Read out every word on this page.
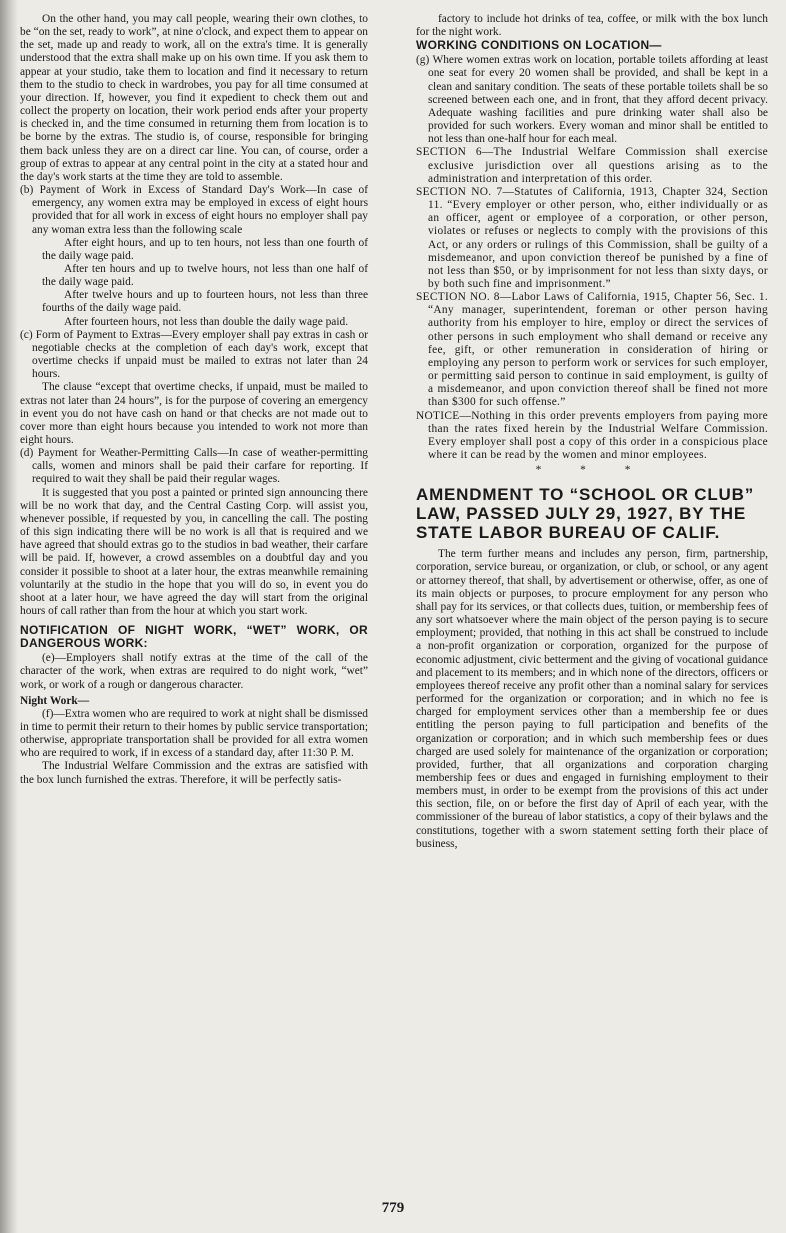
On the other hand, you may call people, wearing their own clothes, to be “on the set, ready to work”, at nine o'clock, and expect them to appear on the set, made up and ready to work, all on the extra's time. It is generally understood that the extra shall make up on his own time. If you ask them to appear at your studio, take them to location and find it necessary to return them to the studio to check in wardrobes, you pay for all time consumed at your direction. If, however, you find it expedient to check them out and collect the property on location, their work period ends after your property is checked in, and the time consumed in returning them from location is to be borne by the extras. The studio is, of course, responsible for bringing them back unless they are on a direct car line. You can, of course, order a group of extras to appear at any central point in the city at a stated hour and the day's work starts at the time they are told to assemble.

(b) Payment of Work in Excess of Standard Day's Work—In case of emergency, any women extra may be employed in excess of eight hours provided that for all work in excess of eight hours no employer shall pay any woman extra less than the following scale

After eight hours, and up to ten hours, not less than one fourth of the daily wage paid.

After ten hours and up to twelve hours, not less than one half of the daily wage paid.

After twelve hours and up to fourteen hours, not less than three fourths of the daily wage paid.

After fourteen hours, not less than double the daily wage paid.

(c) Form of Payment to Extras—Every employer shall pay extras in cash or negotiable checks at the completion of each day's work, except that overtime checks if unpaid must be mailed to extras not later than 24 hours.

The clause “except that overtime checks, if unpaid, must be mailed to extras not later than 24 hours”, is for the purpose of covering an emergency in event you do not have cash on hand or that checks are not made out to cover more than eight hours because you intended to work not more than eight hours.

(d) Payment for Weather-Permitting Calls—In case of weather-permitting calls, women and minors shall be paid their carfare for reporting. If required to wait they shall be paid their regular wages.

It is suggested that you post a painted or printed sign announcing there will be no work that day, and the Central Casting Corp. will assist you, whenever possible, if requested by you, in cancelling the call. The posting of this sign indicating there will be no work is all that is required and we have agreed that should extras go to the studios in bad weather, their carfare will be paid. If, however, a crowd assembles on a doubtful day and you consider it possible to shoot at a later hour, the extras meanwhile remaining voluntarily at the studio in the hope that you will do so, in event you do shoot at a later hour, we have agreed the day will start from the original hours of call rather than from the hour at which you start work.

NOTIFICATION OF NIGHT WORK, “WET” WORK, OR DANGEROUS WORK:

(e)—Employers shall notify extras at the time of the call of the character of the work, when extras are required to do night work, “wet” work, or work of a rough or dangerous character.

Night Work—

(f)—Extra women who are required to work at night shall be dismissed in time to permit their return to their homes by public service transportation; otherwise, appropriate transportation shall be provided for all extra women who are required to work, if in excess of a standard day, after 11:30 P. M.

The Industrial Welfare Commission and the extras are satisfied with the box lunch furnished the extras. Therefore, it will be perfectly satis-

factory to include hot drinks of tea, coffee, or milk with the box lunch for the night work.

WORKING CONDITIONS ON LOCATION—

(g) Where women extras work on location, portable toilets affording at least one seat for every 20 women shall be provided, and shall be kept in a clean and sanitary condition. The seats of these portable toilets shall be so screened between each one, and in front, that they afford decent privacy. Adequate washing facilities and pure drinking water shall also be provided for such workers. Every woman and minor shall be entitled to not less than one-half hour for each meal.

SECTION 6—The Industrial Welfare Commission shall exercise exclusive jurisdiction over all questions arising as to the administration and interpretation of this order.

SECTION NO. 7—Statutes of California, 1913, Chapter 324, Section 11. “Every employer or other person, who, either individually or as an officer, agent or employee of a corporation, or other person, violates or refuses or neglects to comply with the provisions of this Act, or any orders or rulings of this Commission, shall be guilty of a misdemeanor, and upon conviction thereof be punished by a fine of not less than $50, or by imprisonment for not less than sixty days, or by both such fine and imprisonment.”

SECTION NO. 8—Labor Laws of California, 1915, Chapter 56, Sec. 1. “Any manager, superintendent, foreman or other person having authority from his employer to hire, employ or direct the services of other persons in such employment who shall demand or receive any fee, gift, or other remuneration in consideration of hiring or employing any person to perform work or services for such employer, or permitting said person to continue in said employment, is guilty of a misdemeanor, and upon conviction thereof shall be fined not more than $300 for such offense.”

NOTICE—Nothing in this order prevents employers from paying more than the rates fixed herein by the Industrial Welfare Commission. Every employer shall post a copy of this order in a conspicious place where it can be read by the women and minor employees.

* * *

AMENDMENT TO “SCHOOL OR CLUB” LAW, PASSED JULY 29, 1927, BY THE STATE LABOR BUREAU OF CALIF.

The term further means and includes any person, firm, partnership, corporation, service bureau, or organization, or club, or school, or any agent or attorney thereof, that shall, by advertisement or otherwise, offer, as one of its main objects or purposes, to procure employment for any person who shall pay for its services, or that collects dues, tuition, or membership fees of any sort whatsoever where the main object of the person paying is to secure employment; provided, that nothing in this act shall be construed to include a non-profit organization or corporation, organized for the purpose of economic adjustment, civic betterment and the giving of vocational guidance and placement to its members; and in which none of the directors, officers or employees thereof receive any profit other than a nominal salary for services performed for the organization or corporation; and in which no fee is charged for employment services other than a membership fee or dues entitling the person paying to full participation and benefits of the organization or corporation; and in which such membership fees or dues charged are used solely for maintenance of the organization or corporation; provided, further, that all organizations and corporation charging membership fees or dues and engaged in furnishing employment to their members must, in order to be exempt from the provisions of this act under this section, file, on or before the first day of April of each year, with the commissioner of the bureau of labor statistics, a copy of their bylaws and the constitutions, together with a sworn statement setting forth their place of business,

779
